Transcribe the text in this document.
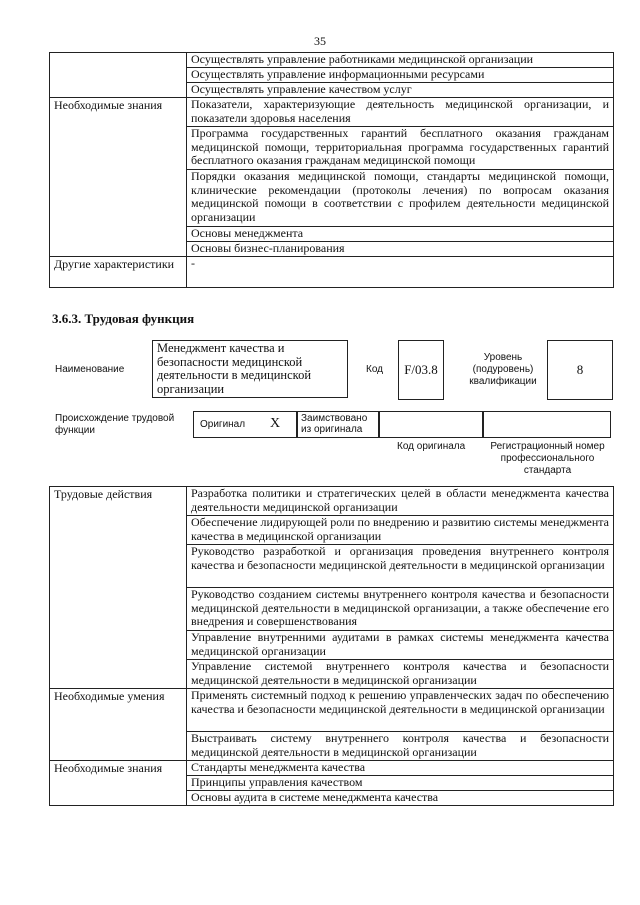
35
	Осуществлять управление работниками медицинской организации
	Осуществлять управление информационными ресурсами
	Осуществлять управление качеством услуг
Необходимые знания	Показатели, характеризующие деятельность медицинской организации, и показатели здоровья населения
	Программа государственных гарантий бесплатного оказания гражданам медицинской помощи, территориальная программа государственных гарантий бесплатного оказания гражданам медицинской помощи
	Порядки оказания медицинской помощи, стандарты медицинской помощи, клинические рекомендации (протоколы лечения) по вопросам оказания медицинской помощи в соответствии с профилем деятельности медицинской организации
	Основы менеджмента
	Основы бизнес-планирования
Другие характеристики	-
3.6.3. Трудовая функция
Наименование
Менеджмент качества и безопасности медицинской деятельности в медицинской организации
Код	F/03.8
Уровень (подуровень) квалификации
8
Происхождение трудовой функции
Оригинал X Заимствовано из оригинала
Код оригинала	Регистрационный номер профессионального стандарта
Трудовые действия	Разработка политики и стратегических целей в области менеджмента качества деятельности медицинской организации
	Обеспечение лидирующей роли по внедрению и развитию системы менеджмента качества в медицинской организации
	Руководство разработкой и организация проведения внутреннего контроля качества и безопасности медицинской деятельности в медицинской организации
	Руководство созданием системы внутреннего контроля качества и безопасности медицинской деятельности в медицинской организации, а также обеспечение его внедрения и совершенствования
	Управление внутренними аудитами в рамках системы менеджмента качества медицинской организации
	Управление системой внутреннего контроля качества и безопасности медицинской деятельности в медицинской организации
Необходимые умения	Применять системный подход к решению управленческих задач по обеспечению качества и безопасности медицинской деятельности в медицинской организации
	Выстраивать систему внутреннего контроля качества и безопасности медицинской деятельности в медицинской организации
Необходимые знания	Стандарты менеджмента качества
	Принципы управления качеством
	Основы аудита в системе менеджмента качества
